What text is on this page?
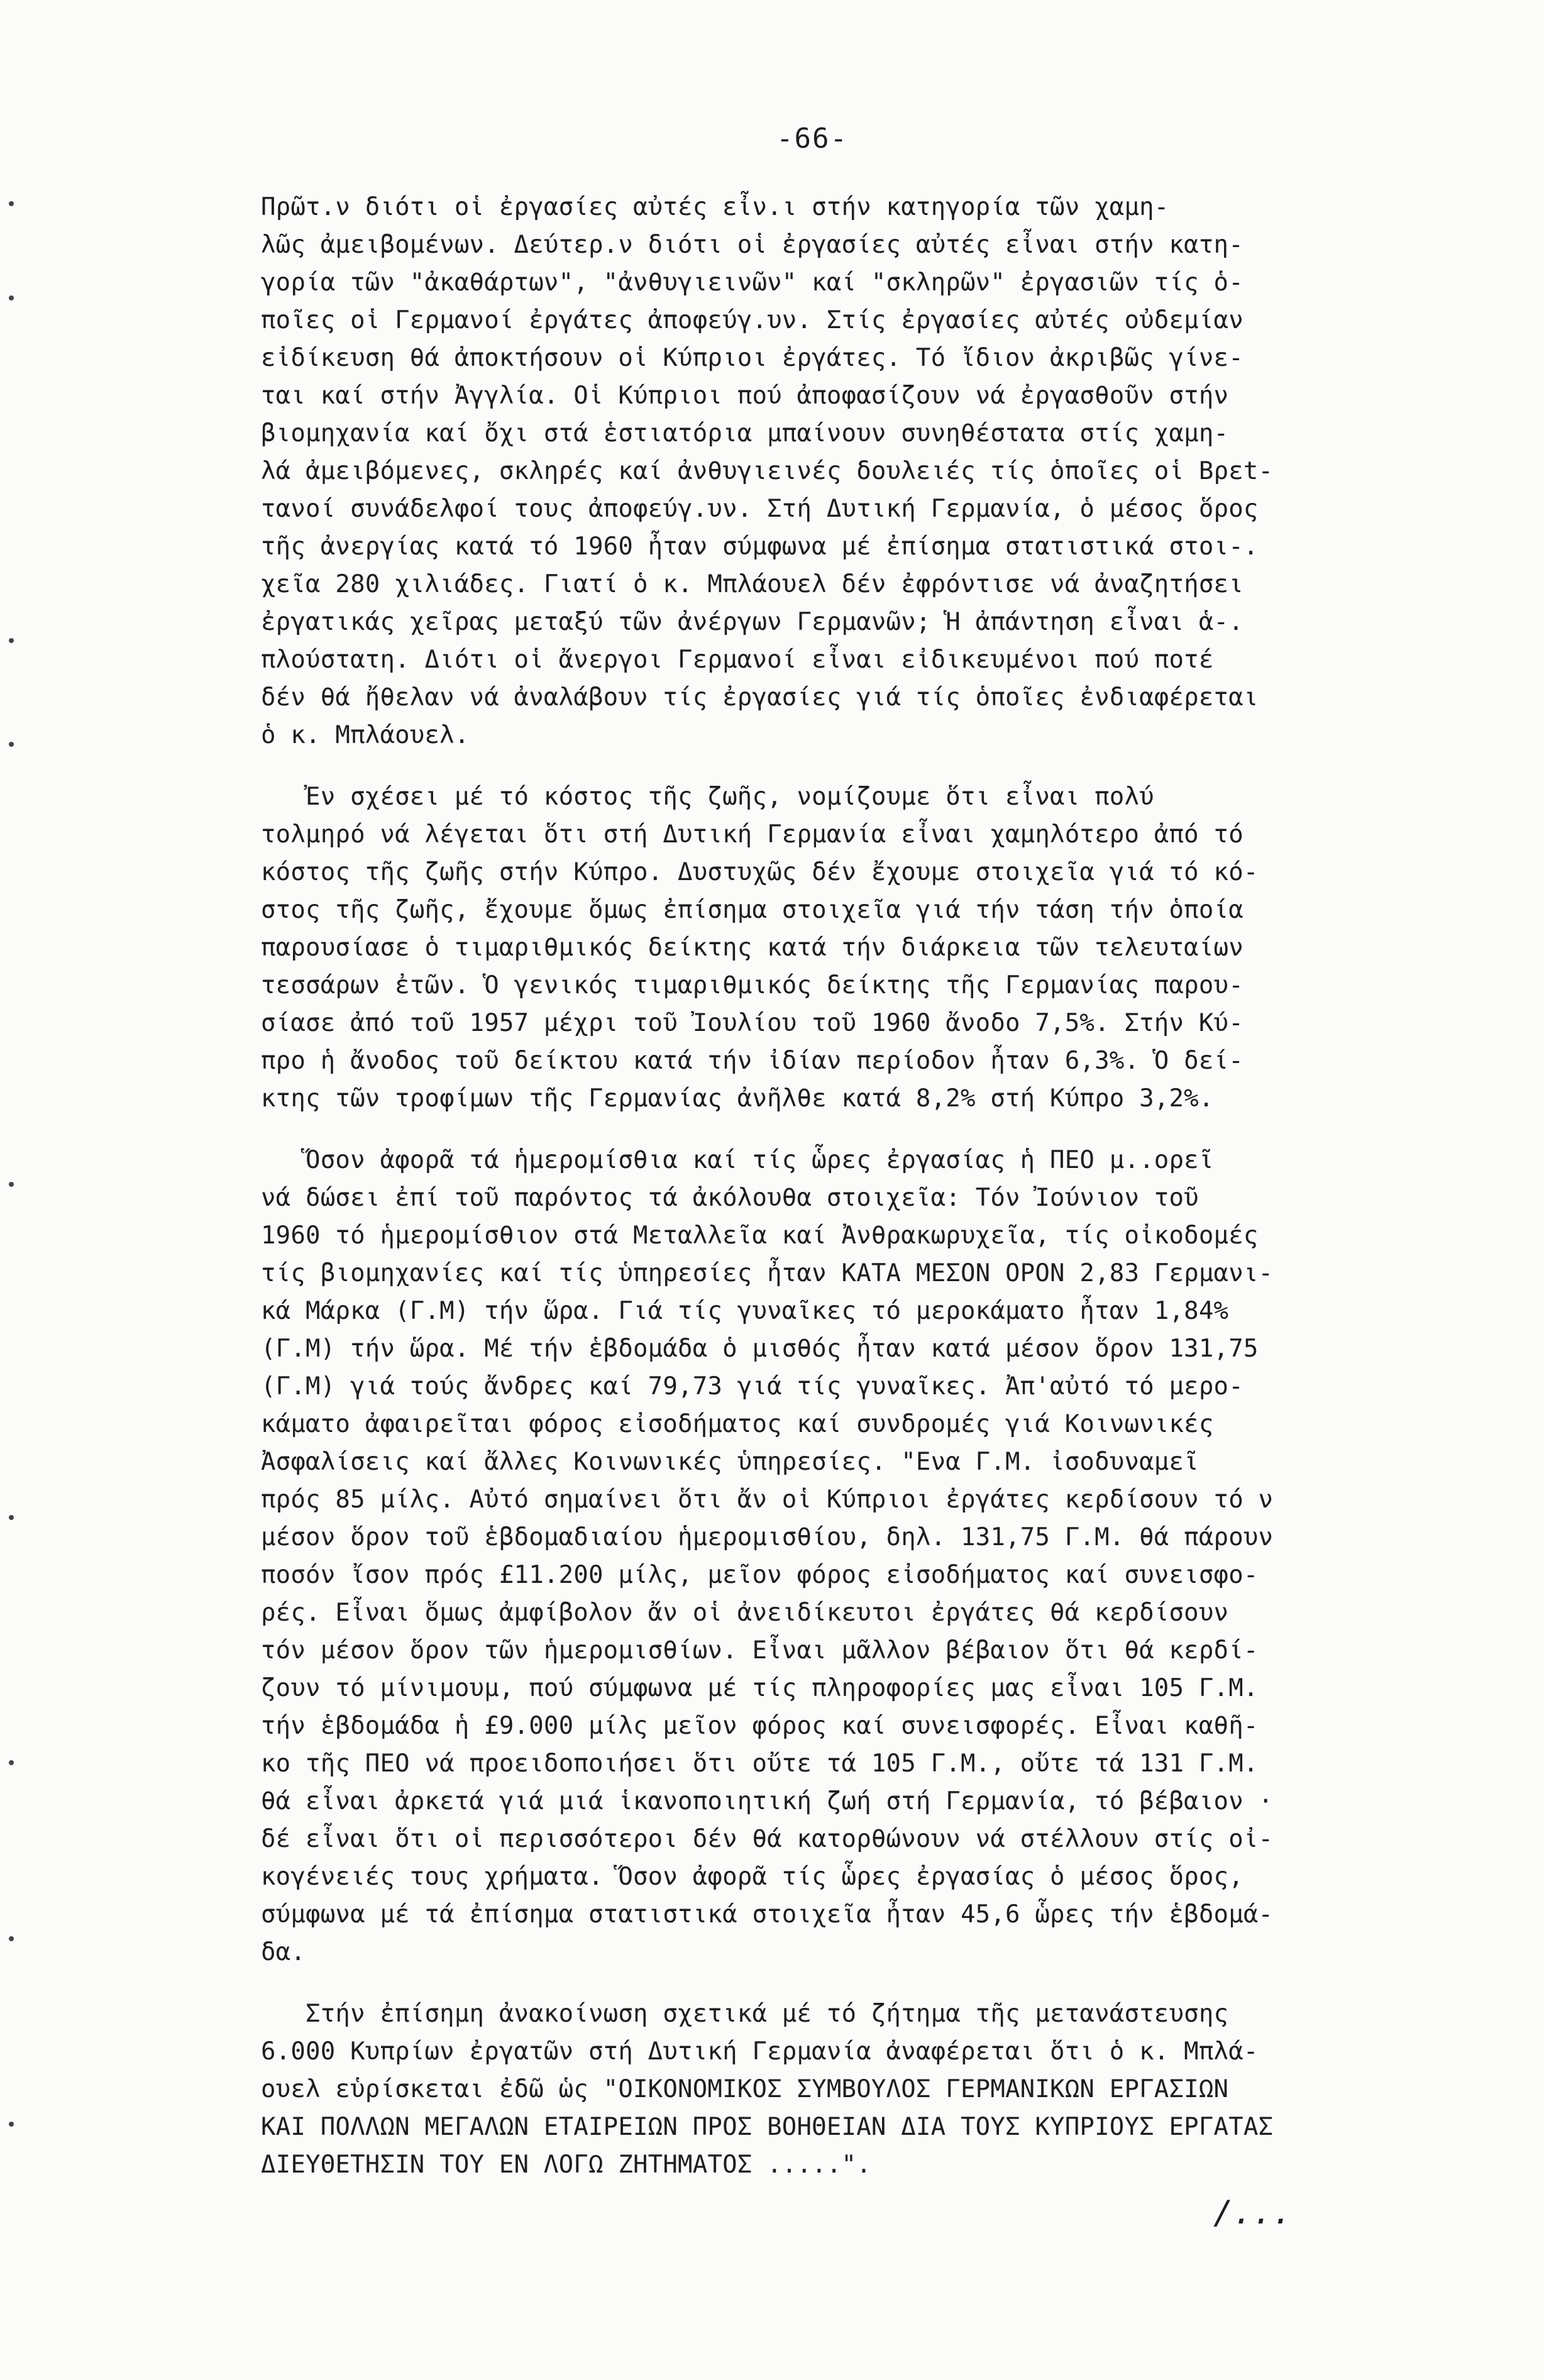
-66-
Πρῶτ.ν διότι οἱ ἐργασίες αὐτές εἶν.ι στήν κατηγορία τῶν χαμη-
λῶς ἀμειβομένων. Δεύτερ.ν διότι οἱ ἐργασίες αὐτές εἶναι στήν κατη-
γορία τῶν "ἀκαθάρτων", "ἀνθυγιεινῶν" καί "σκληρῶν" ἐργασιῶν τίς ὁ-
ποῖες οἱ Γερμανοί ἐργάτες ἀποφεύγ.υν. Στίς ἐργασίες αὐτές οὐδεμίαν
εἰδίκευση θά ἀποκτήσουν οἱ Κύπριοι ἐργάτες. Τό ἴδιον ἀκριβῶς γίνε-
ται καί στήν Ἀγγλία. Οἱ Κύπριοι πού ἀποφασίζουν νά ἐργασθοῦν στήν
βιομηχανία καί ὄχι στά ἑστιατόρια μπαίνουν συνηθέστατα στίς χαμη-
λά ἀμειβόμενες, σκληρές καί ἀνθυγιεινές δουλειές τίς ὁποῖες οἱ Βρεt-
τανοί συνάδελφοί τους ἀποφεύγ.υν. Στή Δυτική Γερμανία, ὁ μέσος ὅρος
τῆς ἀνεργίας κατά τό 1960 ἦταν σύμφωνα μέ ἐπίσημα στατιστικά στοι-.
χεῖα 280 χιλιάδες. Γιατί ὁ κ. Μπλάουελ δέν ἐφρόντισε νά ἀναζητήσει
ἐργατικάς χεῖρας μεταξύ τῶν ἀνέργων Γερμανῶν; Ἡ ἀπάντηση εἶναι ἁ-.
πλούστατη. Διότι οἱ ἄνεργοι Γερμανοί εἶναι εἰδικευμένοι πού ποτέ
δέν θά ἤθελαν νά ἀναλάβουν τίς ἐργασίες γιά τίς ὁποῖες ἐνδιαφέρεται
ὁ κ. Μπλάουελ.
Ἐν σχέσει μέ τό κόστος τῆς ζωῆς, νομίζουμε ὅτι εἶναι πολύ
τολμηρό νά λέγεται ὅτι στή Δυτική Γερμανία εἶναι χαμηλότερο ἀπό τό
κόστος τῆς ζωῆς στήν Κύπρο. Δυστυχῶς δέν ἔχουμε στοιχεῖα γιά τό κό-
στος τῆς ζωῆς, ἔχουμε ὅμως ἐπίσημα στοιχεῖα γιά τήν τάση τήν ὁποία
παρουσίασε ὁ τιμαριθμικός δείκτης κατά τήν διάρκεια τῶν τελευταίων
τεσσάρων ἐτῶν. Ὁ γενικός τιμαριθμικός δείκτης τῆς Γερμανίας παρου-
σίασε ἀπό τοῦ 1957 μέχρι τοῦ Ἰουλίου τοῦ 1960 ἄνοδο 7,5%. Στήν Κύ-
προ ἡ ἄνοδος τοῦ δείκτου κατά τήν ἰδίαν περίοδον ἦταν 6,3%. Ὁ δεί-
κτης τῶν τροφίμων τῆς Γερμανίας ἀνῆλθε κατά 8,2% στή Κύπρο 3,2%.
Ὅσον ἀφορᾶ τά ἡμερομίσθια καί τίς ὧρες ἐργασίας ἡ ΠΕΟ μ..ορεῖ
νά δώσει ἐπί τοῦ παρόντος τά ἀκόλουθα στοιχεῖα: Τόν Ἰούνιον τοῦ
1960 τό ἡμερομίσθιον στά Μεταλλεῖα καί Ἀνθρακωρυχεῖα, τίς οἰκοδομές
τίς βιομηχανίες καί τίς ὑπηρεσίες ἦταν ΚΑΤΑ ΜΕΣΟΝ ΟΡΟΝ 2,83 Γερμανι-
κά Μάρκα (Γ.Μ) τήν ὥρα. Γιά τίς γυναῖκες τό μεροκάματο ἦταν 1,84%
(Γ.Μ) τήν ὥρα. Μέ τήν ἑβδομάδα ὁ μισθός ἦταν κατά μέσον ὅρον 131,75
(Γ.Μ) γιά τούς ἄνδρες καί 79,73 γιά τίς γυναῖκες. Ἀπ'αὐτό τό μερο-
κάματο ἀφαιρεῖται φόρος εἰσοδήματος καί συνδρομές γιά Κοινωνικές
Ἀσφαλίσεις καί ἄλλες Κοινωνικές ὑπηρεσίες. "Ενα Γ.Μ. ἰσοδυναμεῖ
πρός 85 μίλς. Αὐτό σημαίνει ὅτι ἄν οἱ Κύπριοι ἐργάτες κερδίσουν τό ν
μέσον ὅρον τοῦ ἑβδομαδιαίου ἡμερομισθίου, δηλ. 131,75 Γ.Μ. θά πάρουν
ποσόν ἴσον πρός £11.200 μίλς, μεῖον φόρος εἰσοδήματος καί συνεισφο-
ρές. Εἶναι ὅμως ἀμφίβολον ἄν οἱ ἀνειδίκευτοι ἐργάτες θά κερδίσουν
τόν μέσον ὅρον τῶν ἡμερομισθίων. Εἶναι μᾶλλον βέβαιον ὅτι θά κερδί-
ζουν τό μίνιμουμ, πού σύμφωνα μέ τίς πληροφορίες μας εἶναι 105 Γ.Μ.
τήν ἑβδομάδα ἡ £9.000 μίλς μεῖον φόρος καί συνεισφορές. Εἶναι καθῆ-
κο τῆς ΠΕΟ νά προειδοποιήσει ὅτι οὔτε τά 105 Γ.Μ., οὔτε τά 131 Γ.Μ.
θά εἶναι ἀρκετά γιά μιά ἱκανοποιητική ζωή στή Γερμανία, τό βέβαιον ·
δέ εἶναι ὅτι οἱ περισσότεροι δέν θά κατορθώνουν νά στέλλουν στίς οἰ-
κογένειές τους χρήματα. Ὅσον ἀφορᾶ τίς ὧρες ἐργασίας ὁ μέσος ὅρος,
σύμφωνα μέ τά ἐπίσημα στατιστικά στοιχεῖα ἦταν 45,6 ὧρες τήν ἑβδομά-
δα.
Στήν ἐπίσημη ἀνακοίνωση σχετικά μέ τό ζήτημα τῆς μετανάστευσης
6.000 Κυπρίων ἐργατῶν στή Δυτική Γερμανία ἀναφέρεται ὅτι ὁ κ. Μπλά-
ουελ εὑρίσκεται ἐδῶ ὡς "ΟΙΚΟΝΟΜΙΚΟΣ ΣΥΜΒΟΥΛΟΣ ΓΕΡΜΑΝΙΚΩΝ ΕΡΓΑΣΙΩΝ
ΚΑΙ ΠΟΛΛΩΝ ΜΕΓΑΛΩΝ ΕΤΑΙΡΕΙΩΝ ΠΡΟΣ ΒΟΗΘΕΙΑΝ ΔΙΑ ΤΟΥΣ ΚΥΠΡΙΟΥΣ ΕΡΓΑΤΑΣ
ΔΙΕΥΘΕΤΗΣΙΝ ΤΟΥ ΕΝ ΛΟΓΩ ΖΗΤΗΜΑΤΟΣ .....".
/...
